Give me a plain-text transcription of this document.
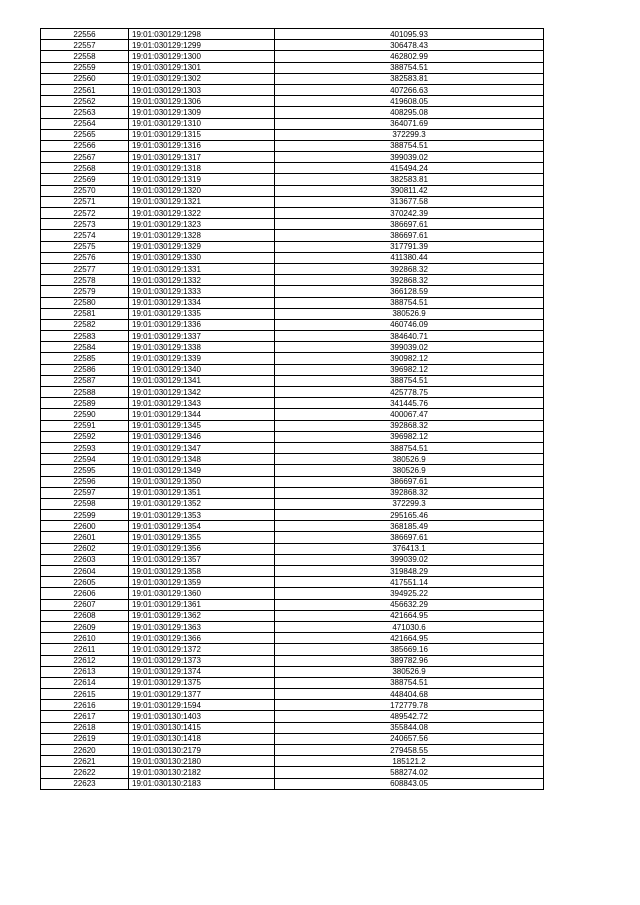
22556	19:01:030129:1298	401095.93
22557	19:01:030129:1299	306478.43
22558	19:01:030129:1300	462802.99
22559	19:01:030129:1301	388754.51
22560	19:01:030129:1302	382583.81
22561	19:01:030129:1303	407266.63
22562	19:01:030129:1306	419608.05
22563	19:01:030129:1309	408295.08
22564	19:01:030129:1310	364071.69
22565	19:01:030129:1315	372299.3
22566	19:01:030129:1316	388754.51
22567	19:01:030129:1317	399039.02
22568	19:01:030129:1318	415494.24
22569	19:01:030129:1319	382583.81
22570	19:01:030129:1320	390811.42
22571	19:01:030129:1321	313677.58
22572	19:01:030129:1322	370242.39
22573	19:01:030129:1323	386697.61
22574	19:01:030129:1328	386697.61
22575	19:01:030129:1329	317791.39
22576	19:01:030129:1330	411380.44
22577	19:01:030129:1331	392868.32
22578	19:01:030129:1332	392868.32
22579	19:01:030129:1333	366128.59
22580	19:01:030129:1334	388754.51
22581	19:01:030129:1335	380526.9
22582	19:01:030129:1336	460746.09
22583	19:01:030129:1337	384640.71
22584	19:01:030129:1338	399039.02
22585	19:01:030129:1339	390982.12
22586	19:01:030129:1340	396982.12
22587	19:01:030129:1341	388754.51
22588	19:01:030129:1342	425778.75
22589	19:01:030129:1343	341445.76
22590	19:01:030129:1344	400067.47
22591	19:01:030129:1345	392868.32
22592	19:01:030129:1346	396982.12
22593	19:01:030129:1347	388754.51
22594	19:01:030129:1348	380526.9
22595	19:01:030129:1349	380526.9
22596	19:01:030129:1350	386697.61
22597	19:01:030129:1351	392868.32
22598	19:01:030129:1352	372299.3
22599	19:01:030129:1353	295165.46
22600	19:01:030129:1354	368185.49
22601	19:01:030129:1355	386697.61
22602	19:01:030129:1356	376413.1
22603	19:01:030129:1357	399039.02
22604	19:01:030129:1358	319848.29
22605	19:01:030129:1359	417551.14
22606	19:01:030129:1360	394925.22
22607	19:01:030129:1361	456632.29
22608	19:01:030129:1362	421664.95
22609	19:01:030129:1363	471030.6
22610	19:01:030129:1366	421664.95
22611	19:01:030129:1372	385669.16
22612	19:01:030129:1373	389782.96
22613	19:01:030129:1374	380526.9
22614	19:01:030129:1375	388754.51
22615	19:01:030129:1377	448404.68
22616	19:01:030129:1594	172779.78
22617	19:01:030130:1403	489542.72
22618	19:01:030130:1415	355844.08
22619	19:01:030130:1418	240657.56
22620	19:01:030130:2179	279458.55
22621	19:01:030130:2180	185121.2
22622	19:01:030130:2182	588274.02
22623	19:01:030130:2183	608843.05
